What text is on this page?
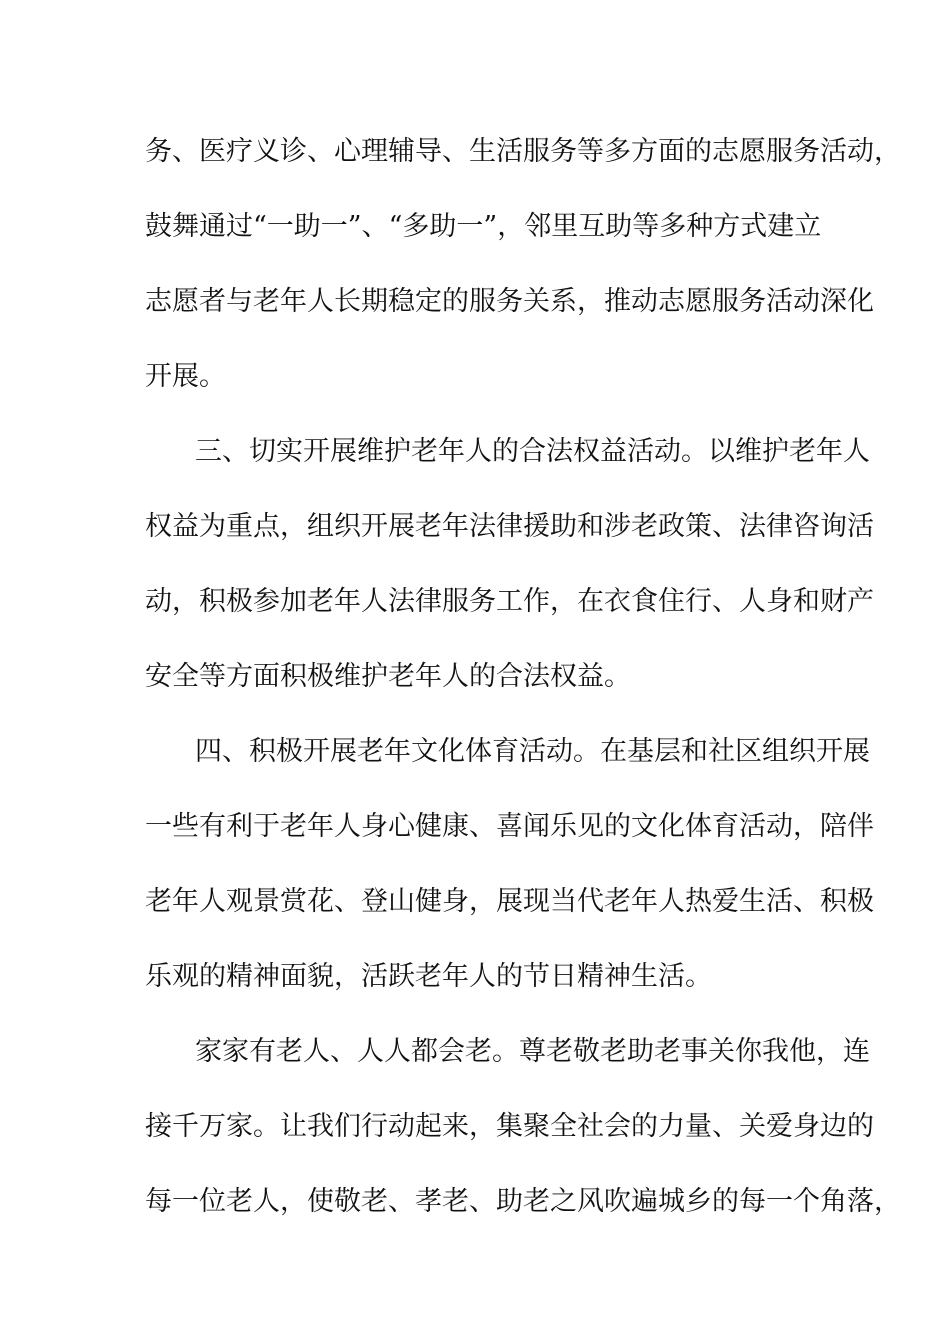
务、医疗义诊、心理辅导、生活服务等多方面的志愿服务活动，

鼓舞通过“一助一”、“多助一”，邻里互助等多种方式建立

志愿者与老年人长期稳定的服务关系，推动志愿服务活动深化

开展。

三、切实开展维护老年人的合法权益活动。以维护老年人

权益为重点，组织开展老年法律援助和涉老政策、法律咨询活

动，积极参加老年人法律服务工作，在衣食住行、人身和财产

安全等方面积极维护老年人的合法权益。

四、积极开展老年文化体育活动。在基层和社区组织开展

一些有利于老年人身心健康、喜闻乐见的文化体育活动，陪伴

老年人观景赏花、登山健身，展现当代老年人热爱生活、积极

乐观的精神面貌，活跃老年人的节日精神生活。

家家有老人、人人都会老。尊老敬老助老事关你我他，连

接千万家。让我们行动起来，集聚全社会的力量、关爱身边的

每一位老人，使敬老、孝老、助老之风吹遍城乡的每一个角落，
